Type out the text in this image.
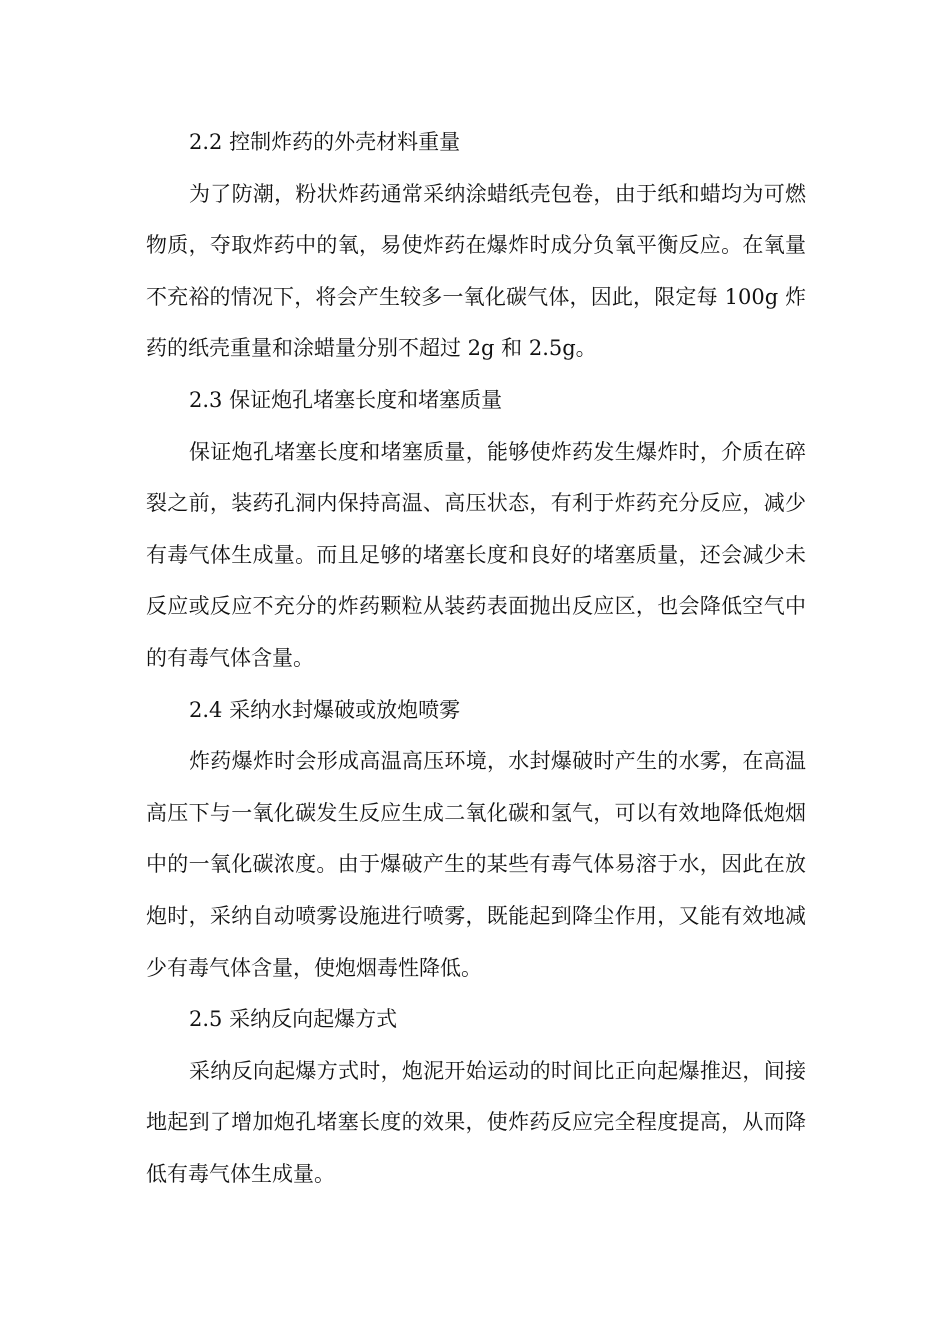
2.2 控制炸药的外壳材料重量

为了防潮，粉状炸药通常采纳涂蜡纸壳包卷，由于纸和蜡均为可燃物质，夺取炸药中的氧，易使炸药在爆炸时成分负氧平衡反应。在氧量不充裕的情况下，将会产生较多一氧化碳气体，因此，限定每 100g 炸药的纸壳重量和涂蜡量分别不超过 2g 和 2.5g。

2.3 保证炮孔堵塞长度和堵塞质量

保证炮孔堵塞长度和堵塞质量，能够使炸药发生爆炸时，介质在碎裂之前，装药孔洞内保持高温、高压状态，有利于炸药充分反应，减少有毒气体生成量。而且足够的堵塞长度和良好的堵塞质量，还会减少未反应或反应不充分的炸药颗粒从装药表面抛出反应区，也会降低空气中的有毒气体含量。

2.4 采纳水封爆破或放炮喷雾

炸药爆炸时会形成高温高压环境，水封爆破时产生的水雾，在高温高压下与一氧化碳发生反应生成二氧化碳和氢气，可以有效地降低炮烟中的一氧化碳浓度。由于爆破产生的某些有毒气体易溶于水，因此在放炮时，采纳自动喷雾设施进行喷雾，既能起到降尘作用，又能有效地减少有毒气体含量，使炮烟毒性降低。

2.5 采纳反向起爆方式

采纳反向起爆方式时，炮泥开始运动的时间比正向起爆推迟，间接地起到了增加炮孔堵塞长度的效果，使炸药反应完全程度提高，从而降低有毒气体生成量。
